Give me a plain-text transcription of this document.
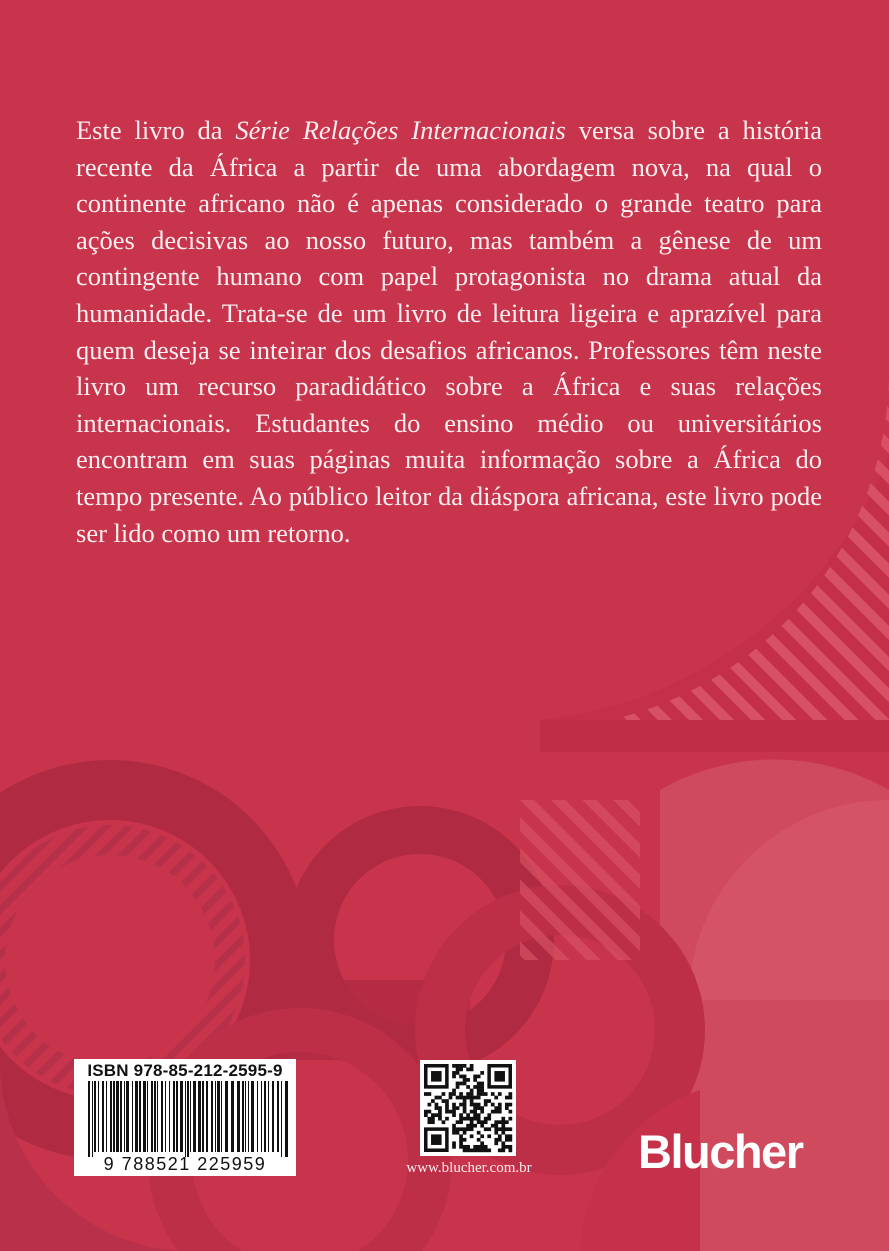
Este livro da Série Relações Internacionais versa sobre a história recente da África a partir de uma abordagem nova, na qual o continente africano não é apenas considerado o grande teatro para ações decisivas ao nosso futuro, mas também a gênese de um contingente humano com papel protagonista no drama atual da humanidade. Trata-se de um livro de leitura ligeira e aprazível para quem deseja se inteirar dos desafios africanos. Professores têm neste livro um recurso paradidático sobre a África e suas relações internacionais. Estudantes do ensino médio ou universitários encontram em suas páginas muita informação sobre a África do tempo presente. Ao público leitor da diáspora africana, este livro pode ser lido como um retorno.

ISBN 978-85-212-2595-9
9 788521 225959	www.blucher.com.br	Blucher
